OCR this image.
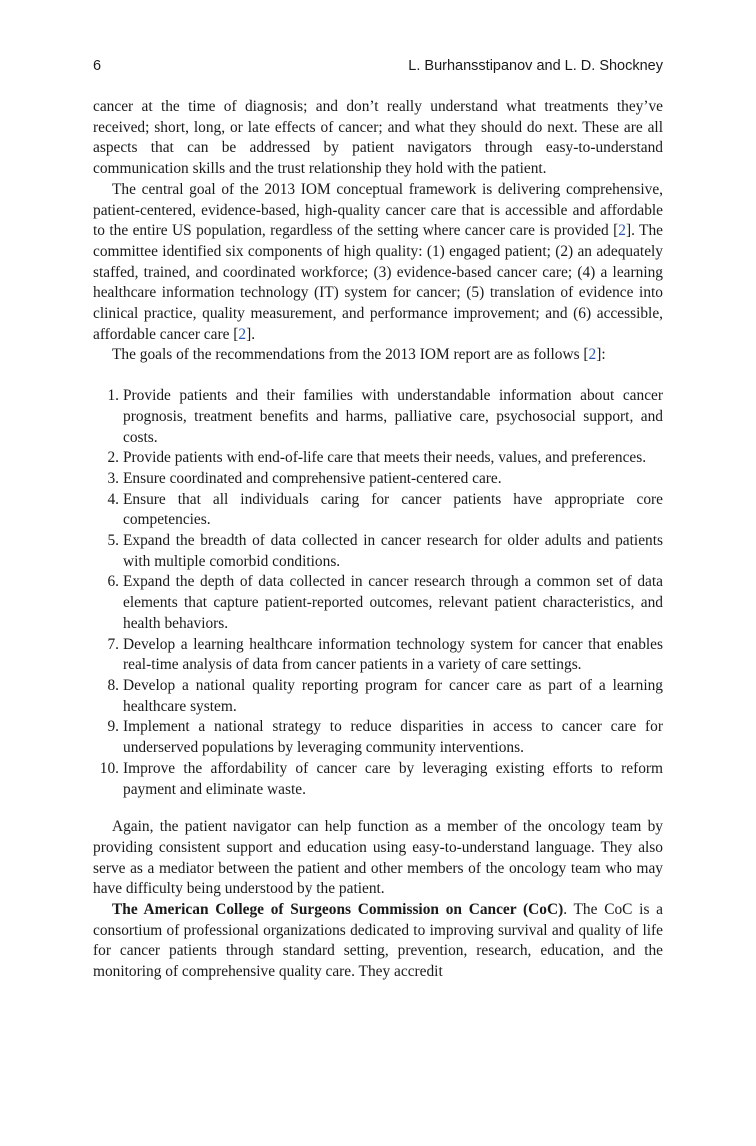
6	L. Burhansstipanov and L. D. Shockney

cancer at the time of diagnosis; and don’t really understand what treatments they’ve received; short, long, or late effects of cancer; and what they should do next. These are all aspects that can be addressed by patient navigators through easy-to-understand communication skills and the trust relationship they hold with the patient.

The central goal of the 2013 IOM conceptual framework is delivering comprehensive, patient-centered, evidence-based, high-quality cancer care that is accessible and affordable to the entire US population, regardless of the setting where cancer care is provided [2]. The committee identified six components of high quality: (1) engaged patient; (2) an adequately staffed, trained, and coordinated workforce; (3) evidence-based cancer care; (4) a learning healthcare information technology (IT) system for cancer; (5) translation of evidence into clinical practice, quality measurement, and performance improvement; and (6) accessible, affordable cancer care [2].

The goals of the recommendations from the 2013 IOM report are as follows [2]:

1. Provide patients and their families with understandable information about cancer prognosis, treatment benefits and harms, palliative care, psychosocial support, and costs.
2. Provide patients with end-of-life care that meets their needs, values, and preferences.
3. Ensure coordinated and comprehensive patient-centered care.
4. Ensure that all individuals caring for cancer patients have appropriate core competencies.
5. Expand the breadth of data collected in cancer research for older adults and patients with multiple comorbid conditions.
6. Expand the depth of data collected in cancer research through a common set of data elements that capture patient-reported outcomes, relevant patient characteristics, and health behaviors.
7. Develop a learning healthcare information technology system for cancer that enables real-time analysis of data from cancer patients in a variety of care settings.
8. Develop a national quality reporting program for cancer care as part of a learning healthcare system.
9. Implement a national strategy to reduce disparities in access to cancer care for underserved populations by leveraging community interventions.
10. Improve the affordability of cancer care by leveraging existing efforts to reform payment and eliminate waste.

Again, the patient navigator can help function as a member of the oncology team by providing consistent support and education using easy-to-understand language. They also serve as a mediator between the patient and other members of the oncology team who may have difficulty being understood by the patient.

The American College of Surgeons Commission on Cancer (CoC). The CoC is a consortium of professional organizations dedicated to improving survival and quality of life for cancer patients through standard setting, prevention, research, education, and the monitoring of comprehensive quality care. They accredit
